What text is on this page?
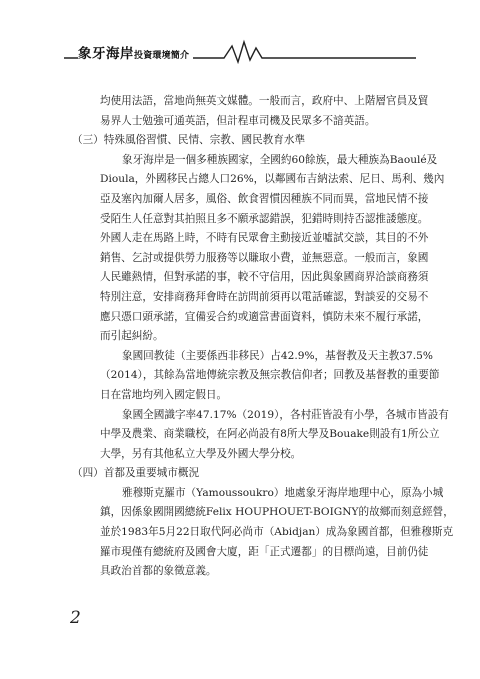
象牙海岸投資環境簡介
均使用法語，當地尚無英文媒體。一般而言，政府中、上階層官員及貿
易界人士勉強可通英語，但計程車司機及民眾多不諳英語。
（三）特殊風俗習慣、民情、宗教、國民教育水準
象牙海岸是一個多種族國家，全國約60餘族，最大種族為Baoulé及
Dioula，外國移民占總人口26%，以鄰國布吉納法索、尼日、馬利、幾內
亞及塞內加爾人居多，風俗、飲食習慣因種族不同而異，當地民情不接
受陌生人任意對其拍照且多不願承認錯誤，犯錯時則持否認推諉態度。
外國人走在馬路上時，不時有民眾會主動接近並噓試交談，其目的不外
銷售、乞討或提供勞力服務等以賺取小費，並無惡意。一般而言，象國
人民雖熱情，但對承諾的事，較不守信用，因此與象國商界洽談商務須
特別注意，安排商務拜會時在訪問前須再以電話確認，對談妥的交易不
應只憑口頭承諾，宜備妥合約或適當書面資料，慎防未來不履行承諾，
而引起糾紛。
象國回教徒（主要係西非移民）占42.9%，基督教及天主教37.5%
（2014），其餘為當地傳統宗教及無宗教信仰者；回教及基督教的重要節
日在當地均列入國定假日。
象國全國識字率47.17%（2019），各村莊皆設有小學，各城市皆設有
中學及農業、商業職校，在阿必尚設有8所大學及Bouake則設有1所公立
大學，另有其他私立大學及外國大學分校。
（四）首都及重要城市概況
雅穆斯克羅市（Yamoussoukro）地處象牙海岸地理中心，原為小城
鎮，因係象國開國總統Felix HOUPHOUET-BOIGNY的故鄉而刻意經營，
並於1983年5月22日取代阿必尚市（Abidjan）成為象國首都，但雅穆斯克
羅市現僅有總統府及國會大廈，距「正式遷都」的目標尚遠，目前仍徒
具政治首都的象徵意義。
2
